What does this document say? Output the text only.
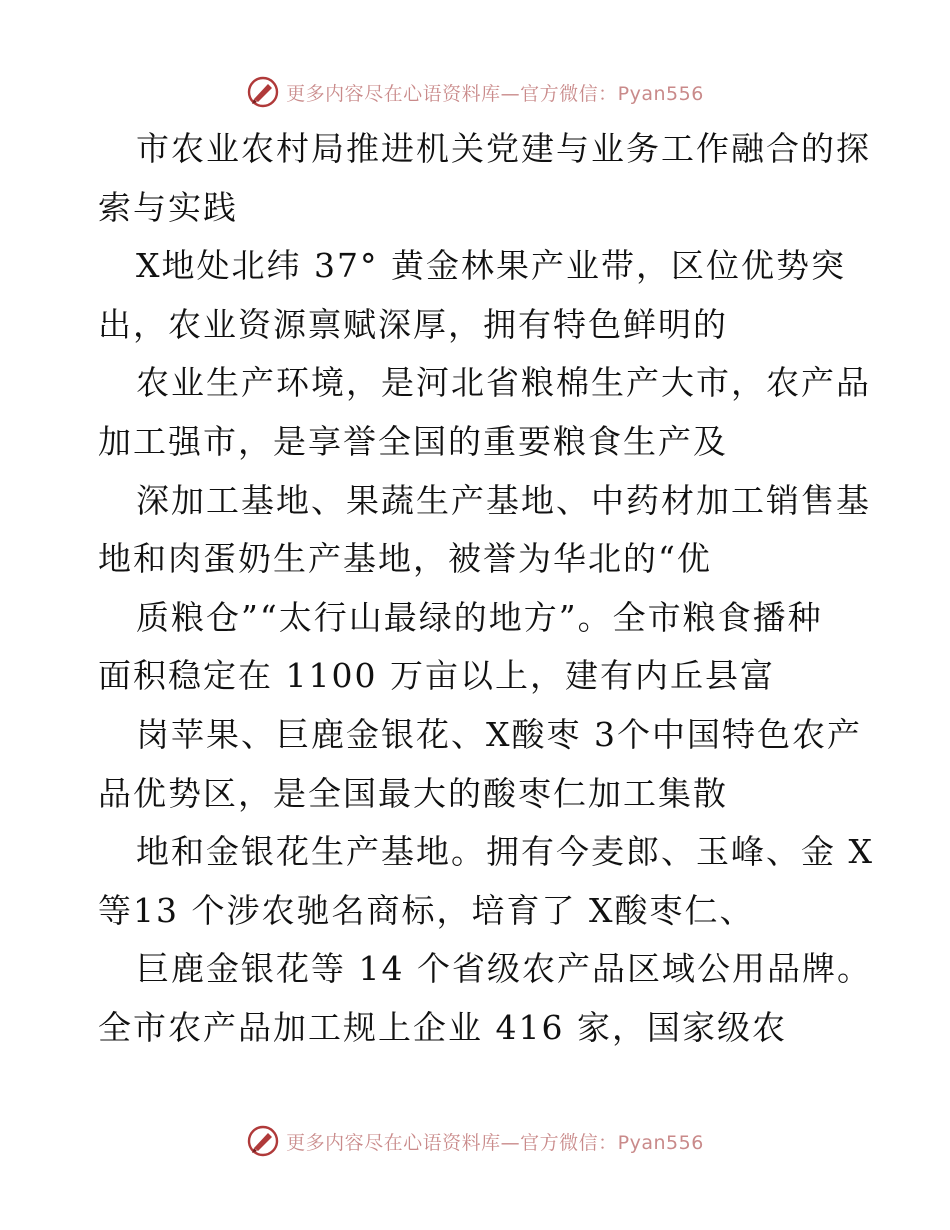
更多内容尽在心语资料库—官方微信：Pyan556
市农业农村局推进机关党建与业务工作融合的探
索与实践
X地处北纬 37° 黄金林果产业带，区位优势突
出，农业资源禀赋深厚，拥有特色鲜明的
农业生产环境，是河北省粮棉生产大市，农产品
加工强市，是享誉全国的重要粮食生产及
深加工基地、果蔬生产基地、中药材加工销售基
地和肉蛋奶生产基地，被誉为华北的“优
质粮仓”“太行山最绿的地方”。全市粮食播种
面积稳定在 1100 万亩以上，建有内丘县富
岗苹果、巨鹿金银花、X酸枣 3个中国特色农产
品优势区，是全国最大的酸枣仁加工集散
地和金银花生产基地。拥有今麦郎、玉峰、金 X
等13 个涉农驰名商标，培育了 X酸枣仁、
巨鹿金银花等 14 个省级农产品区域公用品牌。
全市农产品加工规上企业 416 家，国家级农
更多内容尽在心语资料库—官方微信：Pyan556
